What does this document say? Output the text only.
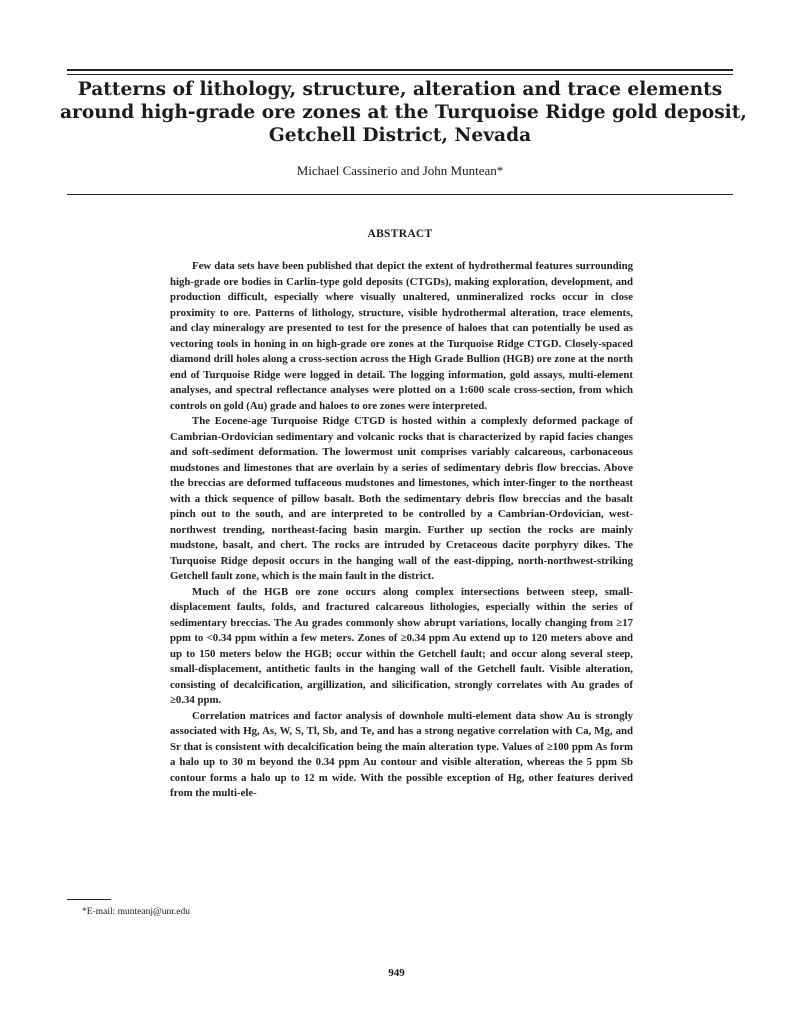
Patterns of lithology, structure, alteration and trace elements
around high-grade ore zones at the Turquoise Ridge gold deposit,
Getchell District, Nevada
Michael Cassinerio and John Muntean*
ABSTRACT

Few data sets have been published that depict the extent of hydrothermal features surrounding high-grade ore bodies in Carlin-type gold deposits (CTGDs), making exploration, development, and production difficult, especially where visually unaltered, unmineralized rocks occur in close proximity to ore. Patterns of lithology, structure, visible hydrothermal alteration, trace elements, and clay mineralogy are presented to test for the presence of haloes that can potentially be used as vectoring tools in honing in on high-grade ore zones at the Turquoise Ridge CTGD. Closely-spaced diamond drill holes along a cross-section across the High Grade Bullion (HGB) ore zone at the north end of Turquoise Ridge were logged in detail. The logging information, gold assays, multi-element analyses, and spectral reflectance analyses were plotted on a 1:600 scale cross-section, from which controls on gold (Au) grade and haloes to ore zones were interpreted.

The Eocene-age Turquoise Ridge CTGD is hosted within a complexly deformed package of Cambrian-Ordovician sedimentary and volcanic rocks that is characterized by rapid facies changes and soft-sediment deformation. The lowermost unit comprises variably calcareous, carbonaceous mudstones and limestones that are overlain by a series of sedimentary debris flow breccias. Above the breccias are deformed tuffaceous mudstones and limestones, which inter-finger to the northeast with a thick sequence of pillow basalt. Both the sedimentary debris flow breccias and the basalt pinch out to the south, and are interpreted to be controlled by a Cambrian-Ordovician, west-northwest trending, northeast-facing basin margin. Further up section the rocks are mainly mudstone, basalt, and chert. The rocks are intruded by Cretaceous dacite porphyry dikes. The Turquoise Ridge deposit occurs in the hanging wall of the east-dipping, north-northwest-striking Getchell fault zone, which is the main fault in the district.

Much of the HGB ore zone occurs along complex intersections between steep, small-displacement faults, folds, and fractured calcareous lithologies, especially within the series of sedimentary breccias. The Au grades commonly show abrupt variations, locally changing from ≥17 ppm to <0.34 ppm within a few meters. Zones of ≥0.34 ppm Au extend up to 120 meters above and up to 150 meters below the HGB; occur within the Getchell fault; and occur along several steep, small-displacement, antithetic faults in the hanging wall of the Getchell fault. Visible alteration, consisting of decalcification, argillization, and silicification, strongly correlates with Au grades of ≥0.34 ppm.

Correlation matrices and factor analysis of downhole multi-element data show Au is strongly associated with Hg, As, W, S, Tl, Sb, and Te, and has a strong negative correlation with Ca, Mg, and Sr that is consistent with decalcification being the main alteration type. Values of ≥100 ppm As form a halo up to 30 m beyond the 0.34 ppm Au contour and visible alteration, whereas the 5 ppm Sb contour forms a halo up to 12 m wide. With the possible exception of Hg, other features derived from the multi-ele-

*E-mail: munteanj@unr.edu
949
